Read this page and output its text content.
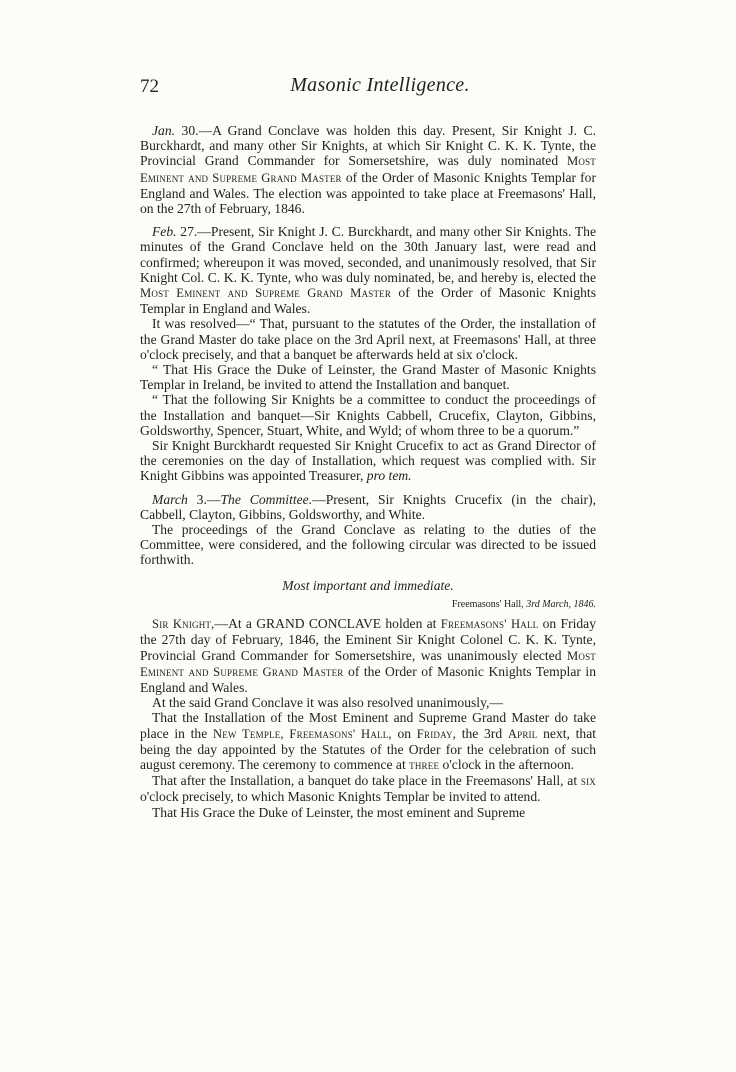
72	Masonic Intelligence.

Jan. 30.—A Grand Conclave was holden this day. Present, Sir Knight J. C. Burckhardt, and many other Sir Knights, at which Sir Knight C. K. K. Tynte, the Provincial Grand Commander for Somersetshire, was duly nominated Most Eminent and Supreme Grand Master of the Order of Masonic Knights Templar for England and Wales. The election was appointed to take place at Freemasons' Hall, on the 27th of February, 1846.

Feb. 27.—Present, Sir Knight J. C. Burckhardt, and many other Sir Knights. The minutes of the Grand Conclave held on the 30th January last, were read and confirmed; whereupon it was moved, seconded, and unanimously resolved, that Sir Knight Col. C. K. K. Tynte, who was duly nominated, be, and hereby is, elected the Most Eminent and Supreme Grand Master of the Order of Masonic Knights Templar in England and Wales.

It was resolved—“ That, pursuant to the statutes of the Order, the installation of the Grand Master do take place on the 3rd April next, at Freemasons' Hall, at three o'clock precisely, and that a banquet be afterwards held at six o'clock.

“ That His Grace the Duke of Leinster, the Grand Master of Masonic Knights Templar in Ireland, be invited to attend the Installation and banquet.

“ That the following Sir Knights be a committee to conduct the proceedings of the Installation and banquet—Sir Knights Cabbell, Crucefix, Clayton, Gibbins, Goldsworthy, Spencer, Stuart, White, and Wyld; of whom three to be a quorum.”

Sir Knight Burckhardt requested Sir Knight Crucefix to act as Grand Director of the ceremonies on the day of Installation, which request was complied with. Sir Knight Gibbins was appointed Treasurer, pro tem.

March 3.—The Committee.—Present, Sir Knights Crucefix (in the chair), Cabbell, Clayton, Gibbins, Goldsworthy, and White.

The proceedings of the Grand Conclave as relating to the duties of the Committee, were considered, and the following circular was directed to be issued forthwith.

Most important and immediate.

Freemasons' Hall, 3rd March, 1846.

Sir Knight,—At a GRAND CONCLAVE holden at Freemasons' Hall on Friday the 27th day of February, 1846, the Eminent Sir Knight Colonel C. K. K. Tynte, Provincial Grand Commander for Somersetshire, was unanimously elected Most Eminent and Supreme Grand Master of the Order of Masonic Knights Templar in England and Wales.

At the said Grand Conclave it was also resolved unanimously,—

That the Installation of the Most Eminent and Supreme Grand Master do take place in the New Temple, Freemasons' Hall, on Friday, the 3rd April next, that being the day appointed by the Statutes of the Order for the celebration of such august ceremony. The ceremony to commence at three o'clock in the afternoon.

That after the Installation, a banquet do take place in the Freemasons' Hall, at six o'clock precisely, to which Masonic Knights Templar be invited to attend.

That His Grace the Duke of Leinster, the most eminent and Supreme
